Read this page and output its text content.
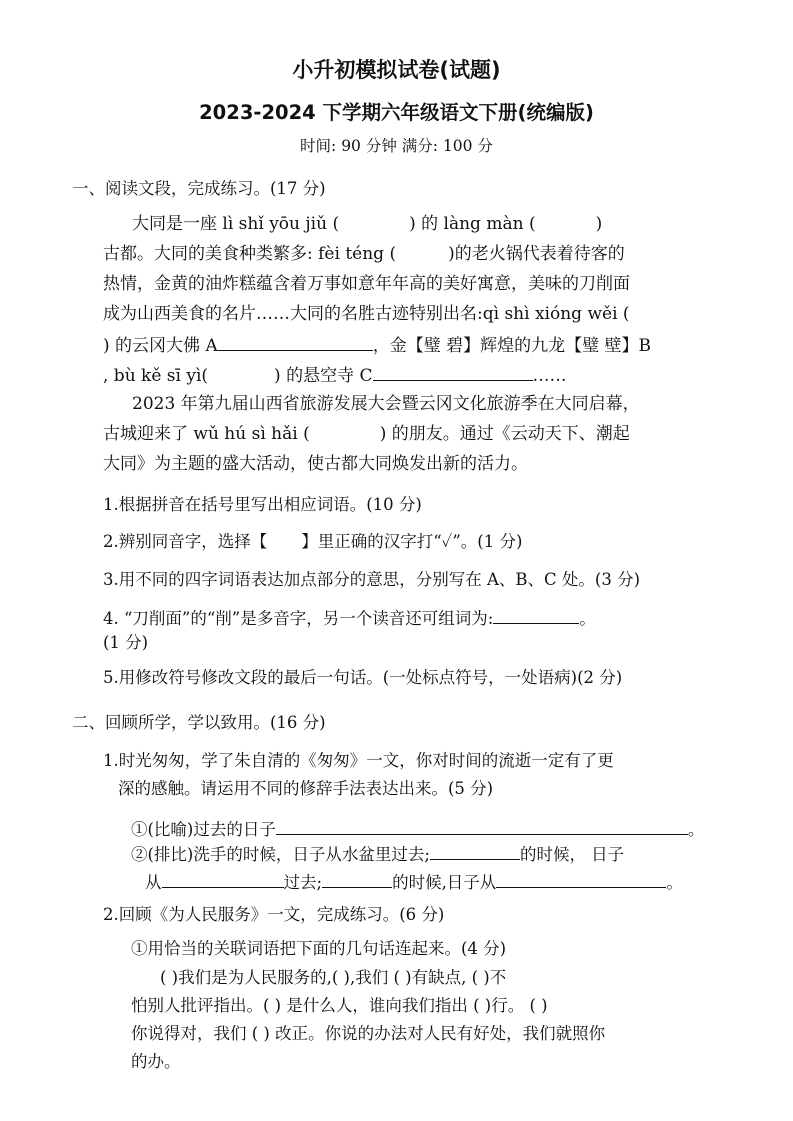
小升初模拟试卷(试题)
2023-2024 下学期六年级语文下册(统编版)
时间: 90 分钟 满分: 100 分
一、阅读文段，完成练习。(17 分)
大同是一座 lì shǐ yōu jiǔ (	) 的 làng màn (	)
古都。大同的美食种类繁多: fèi téng (	)的老火锅代表着待客的
热情，金黄的油炸糕蕴含着万事如意年年高的美好寓意，美味的刀削面
成为山西美食的名片……大同的名胜古迹特别出名:qì shì xióng wěi (
) 的云冈大佛 A	，金【璧 碧】辉煌的九龙【璧 壁】B
, bù kě sī yì(	) 的悬空寺 C	……
2023 年第九届山西省旅游发展大会暨云冈文化旅游季在大同启幕，
古城迎来了 wǔ hú sì hǎi (	) 的朋友。通过《云动天下、潮起
大同》为主题的盛大活动，使古都大同焕发出新的活力。
1.根据拼音在括号里写出相应词语。(10 分)
2.辨别同音字，选择【 】里正确的汉字打“✓”。(1 分)
3.用不同的四字词语表达加点部分的意思，分别写在 A、B、C 处。(3 分)
4. “刀削面”的“削”是多音字，另一个读音还可组词为:	。
(1 分)
5.用修改符号修改文段的最后一句话。(一处标点符号，一处语病)(2 分)
二、回顾所学，学以致用。(16 分)
1.时光匆匆，学了朱自清的《匆匆》一文，你对时间的流逝一定有了更
深的感触。请运用不同的修辞手法表达出来。(5 分)
①(比喻)过去的日子	。
②(排比)洗手的时候，日子从水盆里过去;	的时候， 日子
从	过去;	的时候,日子从	。
2.回顾《为人民服务》一文，完成练习。(6 分)
①用恰当的关联词语把下面的几句话连起来。(4 分)
( )我们是为人民服务的,( ),我们 ( )有缺点, ( )不
怕别人批评指出。( ) 是什么人，谁向我们指出 ( )行。 ( )
你说得对，我们 ( ) 改正。你说的办法对人民有好处，我们就照你
的办。
